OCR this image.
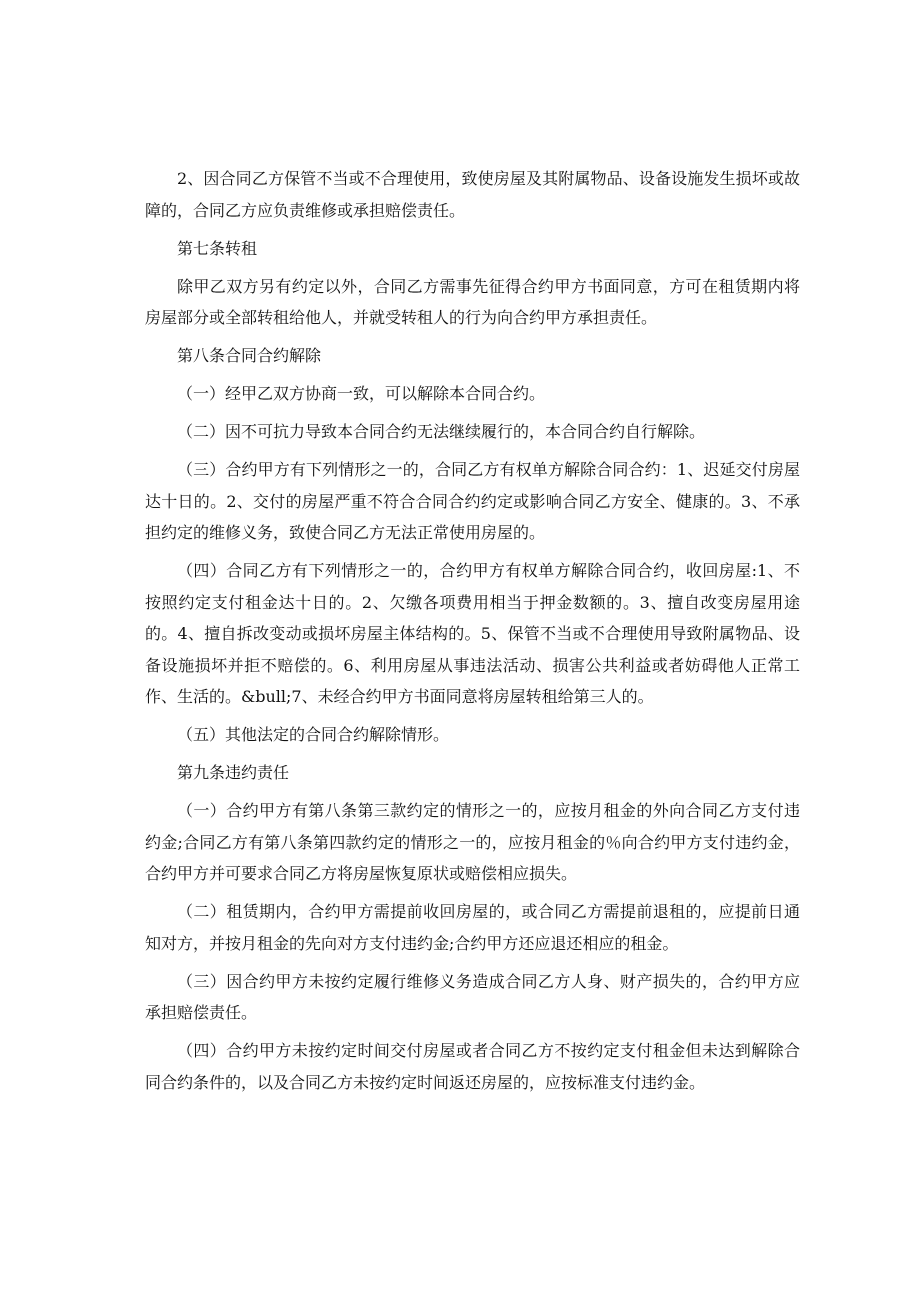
2、因合同乙方保管不当或不合理使用，致使房屋及其附属物品、设备设施发生损坏或故障的，合同乙方应负责维修或承担赔偿责任。

第七条转租

除甲乙双方另有约定以外，合同乙方需事先征得合约甲方书面同意，方可在租赁期内将房屋部分或全部转租给他人，并就受转租人的行为向合约甲方承担责任。

第八条合同合约解除

（一）经甲乙双方协商一致，可以解除本合同合约。

（二）因不可抗力导致本合同合约无法继续履行的，本合同合约自行解除。

（三）合约甲方有下列情形之一的，合同乙方有权单方解除合同合约：1、迟延交付房屋达十日的。2、交付的房屋严重不符合合同合约约定或影响合同乙方安全、健康的。3、不承担约定的维修义务，致使合同乙方无法正常使用房屋的。

（四）合同乙方有下列情形之一的，合约甲方有权单方解除合同合约，收回房屋:1、不按照约定支付租金达十日的。2、欠缴各项费用相当于押金数额的。3、擅自改变房屋用途的。4、擅自拆改变动或损坏房屋主体结构的。5、保管不当或不合理使用导致附属物品、设备设施损坏并拒不赔偿的。6、利用房屋从事违法活动、损害公共利益或者妨碍他人正常工作、生活的。&bull;7、未经合约甲方书面同意将房屋转租给第三人的。

（五）其他法定的合同合约解除情形。

第九条违约责任

（一）合约甲方有第八条第三款约定的情形之一的，应按月租金的外向合同乙方支付违约金;合同乙方有第八条第四款约定的情形之一的，应按月租金的％向合约甲方支付违约金，合约甲方并可要求合同乙方将房屋恢复原状或赔偿相应损失。

（二）租赁期内，合约甲方需提前收回房屋的，或合同乙方需提前退租的，应提前日通知对方，并按月租金的先向对方支付违约金;合约甲方还应退还相应的租金。

（三）因合约甲方未按约定履行维修义务造成合同乙方人身、财产损失的，合约甲方应承担赔偿责任。

（四）合约甲方未按约定时间交付房屋或者合同乙方不按约定支付租金但未达到解除合同合约条件的，以及合同乙方未按约定时间返还房屋的，应按标准支付违约金。
